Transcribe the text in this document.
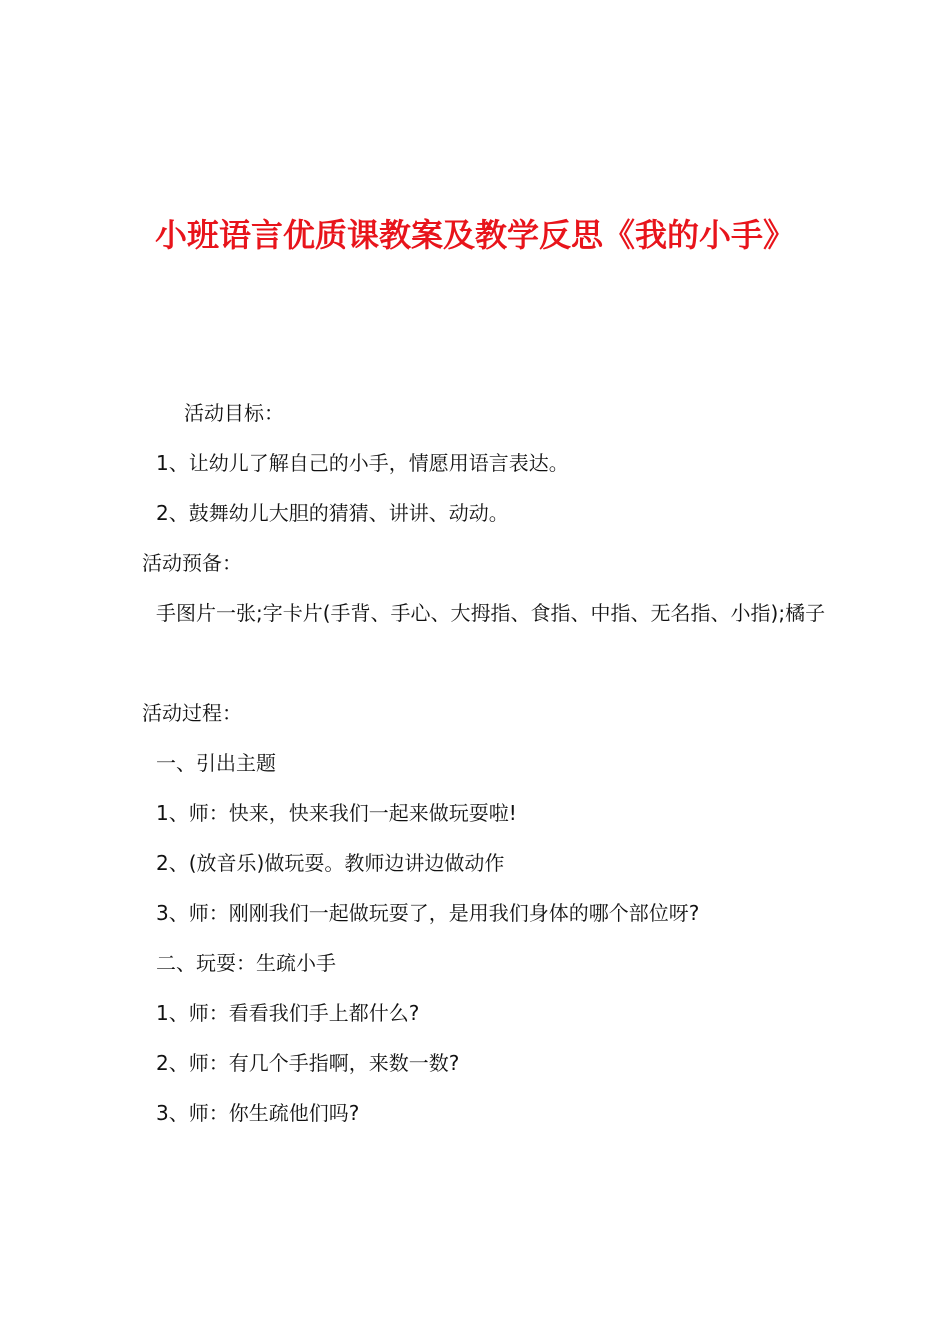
小班语言优质课教案及教学反思《我的小手》
活动目标：
1、让幼儿了解自己的小手，情愿用语言表达。
2、鼓舞幼儿大胆的猜猜、讲讲、动动。
活动预备：
手图片一张;字卡片(手背、手心、大拇指、食指、中指、无名指、小指);橘子
活动过程：
一、引出主题
1、师：快来，快来我们一起来做玩耍啦!
2、(放音乐)做玩耍。教师边讲边做动作
3、师：刚刚我们一起做玩耍了，是用我们身体的哪个部位呀?
二、玩耍：生疏小手
1、师：看看我们手上都什么?
2、师：有几个手指啊，来数一数?
3、师：你生疏他们吗?
